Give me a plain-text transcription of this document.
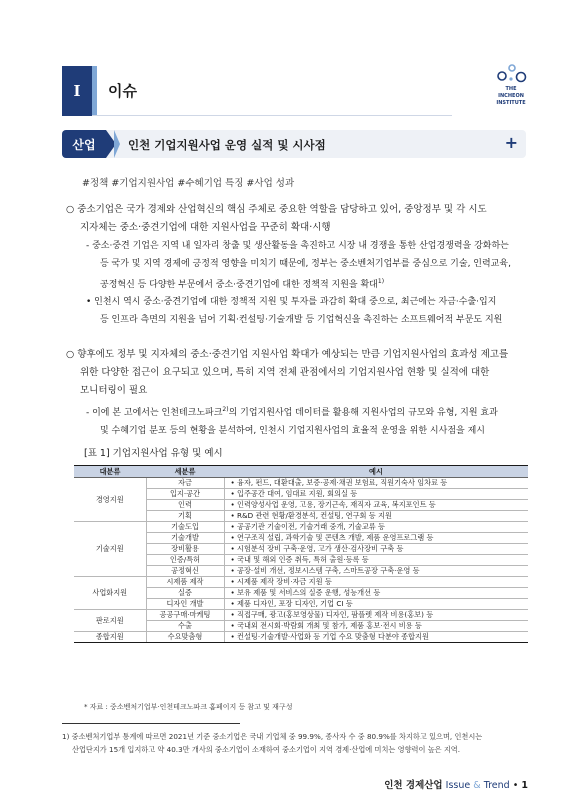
I	이슈	THE
INCHEON
INSTITUTE
산업	인천 기업지원사업 운영 실적 및 시사점	+
#정책 #기업지원사업 #수혜기업 특징 #사업 성과
○ 중소기업은 국가 경제와 산업혁신의 핵심 주체로 중요한 역할을 담당하고 있어, 중앙정부 및 각 시도
지자체는 중소·중견기업에 대한 지원사업을 꾸준히 확대·시행
- 중소·중견 기업은 지역 내 일자리 창출 및 생산활동을 촉진하고 시장 내 경쟁을 통한 산업경쟁력을 강화하는
등 국가 및 지역 경제에 긍정적 영향을 미치기 때문에, 정부는 중소벤처기업부를 중심으로 기술, 인력교육,
공정혁신 등 다양한 부문에서 중소·중견기업에 대한 정책적 지원을 확대$^{1)}$
• 인천시 역시 중소·중견기업에 대한 정책적 지원 및 투자를 과감히 확대 중으로, 최근에는 자금·수출·입지
등 인프라 측면의 지원을 넘어 기획·컨설팅·기술개발 등 기업혁신을 촉진하는 소프트웨어적 부문도 지원
○ 향후에도 정부 및 지자체의 중소·중견기업 지원사업 확대가 예상되는 만큼 기업지원사업의 효과성 제고를
위한 다양한 접근이 요구되고 있으며, 특히 지역 전체 관점에서의 기업지원사업 현황 및 실적에 대한
모니터링이 필요
- 이에 본 고에서는 인천테크노파크$^{2)}$의 기업지원사업 데이터를 활용해 지원사업의 규모와 유형, 지원 효과
및 수혜기업 분포 등의 현황을 분석하여, 인천시 기업지원사업의 효율적 운영을 위한 시사점을 제시
[표 1] 기업지원사업 유형 및 예시
대분류	세분류	예시
경영지원	자금	• 융자, 펀드, 대환대출, 보증·공제·채권 보험료, 직원기숙사 임차료 등
	입지·공간	• 입주공간 대여, 임대료 지원, 회의실 등
	인력	• 인력양성사업 운영, 고용, 장기근속, 재직자 교육, 복지포인트 등
	기획	• R&D 관련 현황/환경분석, 컨설팅, 연구회 등 지원
기술지원	기술도입	• 공공기관 기술이전, 기술거래 중개, 기술교류 등
	기술개발	• 연구조직 설립, 과학기술 및 콘텐츠 개발, 제품 운영프로그램 등
	장비활용	• 시험분석 장비 구축·운영, 고가 생산·검사장비 구축 등
	인증/특허	• 국내 및 해외 인증 취득, 특허 출원·등록 등
	공정혁신	• 공장·설비 개선, 정보시스템 구축, 스마트공장 구축·운영 등
사업화지원	시제품 제작	• 시제품 제작 장비·자금 지원 등
	실증	• 보유 제품 및 서비스의 실증 운행, 성능개선 등
	디자인 개발	• 제품 디자인, 포장 디자인, 기업 CI 등
판로지원	공공구매·마케팅	• 직접구매, 광고(홍보영상물) 디자인, 팜플렛 제작 비용(홍보) 등
	수출	• 국내외 전시회·박람회 개최 및 참가, 제품 홍보·전시 비용 등
종합지원	수요맞춤형	• 컨설팅·기술개발·사업화 등 기업 수요 맞춤형 다분야 종합지원
* 자료 : 중소벤처기업부·인천테크노파크 홈페이지 등 참고 및 재구성
1) 중소벤처기업부 통계에 따르면 2021년 기준 중소기업은 국내 기업체 중 99.9%, 종사자 수 중 80.9%를 차지하고 있으며, 인천시는
산업단지가 15개 입지하고 약 40.3만 개사의 중소기업이 소재하여 중소기업이 지역 경제·산업에 미치는 영향력이 높은 지역.
인천 경제산업 Issue & Trend • 1
